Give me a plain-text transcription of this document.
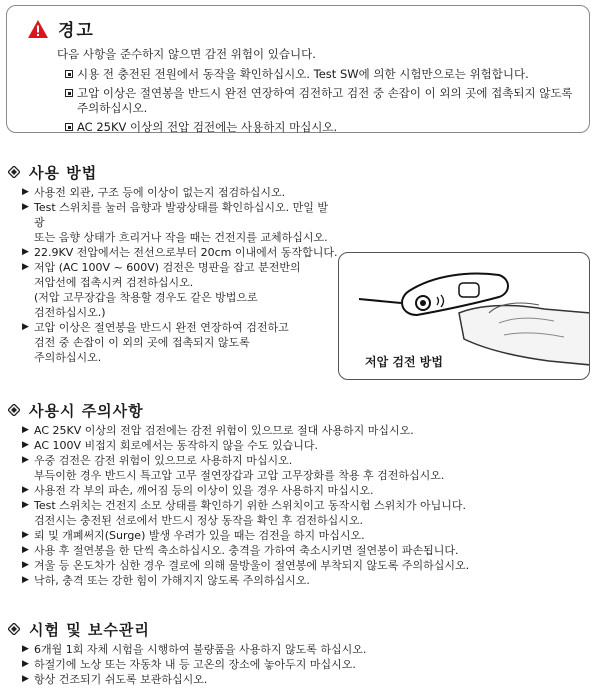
경고
다음 사항을 준수하지 않으면 감전 위험이 있습니다.
시용 전 충전된 전원에서 동작을 확인하십시오. Test SW에 의한 시험만으로는 위험합니다.
고압 이상은 절연봉을 반드시 완전 연장하여 검전하고 검전 중 손잡이 이 외의 곳에 접촉되지 않도록 주의하십시오.
AC 25KV 이상의 전압 검전에는 사용하지 마십시오.
사용 방법
▶ 사용전 외관, 구조 등에 이상이 없는지 점검하십시오.
▶ Test 스위치를 눌러 음향과 발광상태를 확인하십시오. 만일 발광
또는 음향 상태가 흐리거나 작을 때는 건전지를 교체하십시오.
▶ 22.9KV 전압에서는 전선으로부터 20cm 이내에서 동작합니다.
▶ 저압 (AC 100V ~ 600V) 검전은 명판을 잡고 분전반의
저압선에 접촉시켜 검전하십시오.
(저압 고무장갑을 착용할 경우도 같은 방법으로
검전하십시오.)
▶ 고압 이상은 절연봉을 반드시 완전 연장하여 검전하고
검전 중 손잡이 이 외의 곳에 접촉되지 않도록
주의하십시오.	저압 검전 방법
사용시 주의사항
▶ AC 25KV 이상의 전압 검전에는 감전 위험이 있으므로 절대 사용하지 마십시오.
▶ AC 100V 비접지 회로에서는 동작하지 않을 수도 있습니다.
▶ 우중 검전은 감전 위험이 있으므로 사용하지 마십시오.
부득이한 경우 반드시 특고압 고무 절연장갑과 고압 고무장화를 착용 후 검전하십시오.
▶ 사용전 각 부의 파손, 깨어짐 등의 이상이 있을 경우 사용하지 마십시오.
▶ Test 스위치는 건전지 소모 상태를 확인하기 위한 스위치이고 동작시험 스위치가 아닙니다.
검전시는 충전된 선로에서 반드시 정상 동작을 확인 후 검전하십시오.
▶ 뢰 및 개폐써지(Surge) 발생 우려가 있을 때는 검전을 하지 마십시오.
▶ 사용 후 절연봉을 한 단씩 축소하십시오. 충격을 가하여 축소시키면 절연봉이 파손됩니다.
▶ 겨울 등 온도차가 심한 경우 결로에 의해 물방울이 절연봉에 부착되지 않도록 주의하십시오.
▶ 낙하, 충격 또는 강한 힘이 가해지지 않도록 주의하십시오.
시험 및 보수관리
▶ 6개월 1회 자체 시험을 시행하여 불량품을 사용하지 않도록 하십시오.
▶ 하절기에 노상 또는 자동차 내 등 고온의 장소에 놓아두지 마십시오.
▶ 항상 건조되기 쉬도록 보관하십시오.
